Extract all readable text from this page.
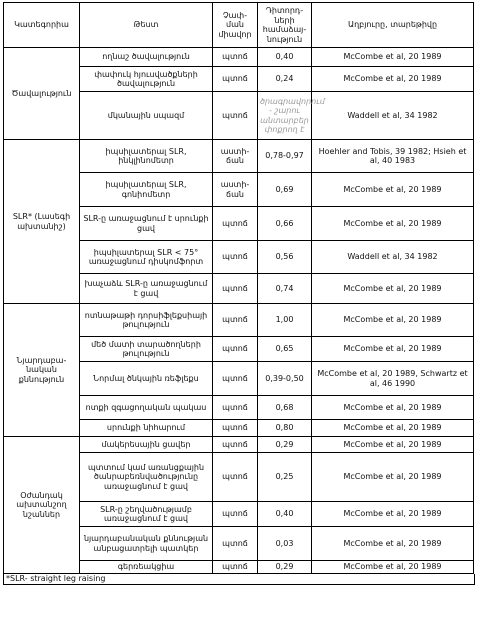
Կատեգորիա	Թեստ	Չափ-ման միավոր	Դիտորդ-ների համաձայ-նություն	Աղբյուրը, տարեթիվը
Ծավալություն	ողնաշ ծավալություն	պտոճ	0,40	McCombe et al, 20 1989
	փափուկ հյուսվածքների ծավալություն	պտոճ	0,24	McCombe et al, 20 1989
	մկանային սպազմ	պտոճ	ծրագրավորում - շարու անտարբեր փոքրող է	Waddell et al, 34 1982
SLR* (Լասեգի ախտանիշ)	իպսիլատերալ SLR, ինկլինոմետր	աստի-ճան	0,78-0,97	Hoehler and Tobis, 39 1982; Hsieh et al, 40 1983
	իպսիլատերալ SLR, գոնիոմետր	աստի-ճան	0,69	McCombe et al, 20 1989
	SLR-ը առաջացնում է սրունքի ցավ	պտոճ	0,66	McCombe et al, 20 1989
	իպսիլատերալ SLR < 75° առաջացնում դիսկոմֆորտ	պտոճ	0,56	Waddell et al, 34 1982
	խաչաձև SLR-ը առաջացնում է ցավ	պտոճ	0,74	McCombe et al, 20 1989
Նյարդաբա-նական քննություն	ոտնաթաթի դորսիֆլեքսիայի թուլություն	պտոճ	1,00	McCombe et al, 20 1989
	մեծ մատի տարածողների թուլություն	պտոճ	0,65	McCombe et al, 20 1989
	Նորմալ ծնկային ռեֆլեքս	պտոճ	0,39-0,50	McCombe et al, 20 1989, Schwartz et al, 46 1990
	ոտքի զգացողական պակաս	պտոճ	0,68	McCombe et al, 20 1989
	սրունքի նիհարում	պտոճ	0,80	McCombe et al, 20 1989
Օժանդակ ախտանշող նշաններ	մակերեսային ցավեր	պտոճ	0,29	McCombe et al, 20 1989
	պտտում կամ առանցքային ծանրաբեռնվածությունը առաջացնում է ցավ	պտոճ	0,25	McCombe et al, 20 1989
	SLR-ը շեղվածությամբ առաջացնում է ցավ	պտոճ	0,40	McCombe et al, 20 1989
	նյարդաբանական քննության անբացատրելի պատկեր	պտոճ	0,03	McCombe et al, 20 1989
	գերռեակցիա	պտոճ	0,29	McCombe et al, 20 1989
*SLR- straight leg raising
